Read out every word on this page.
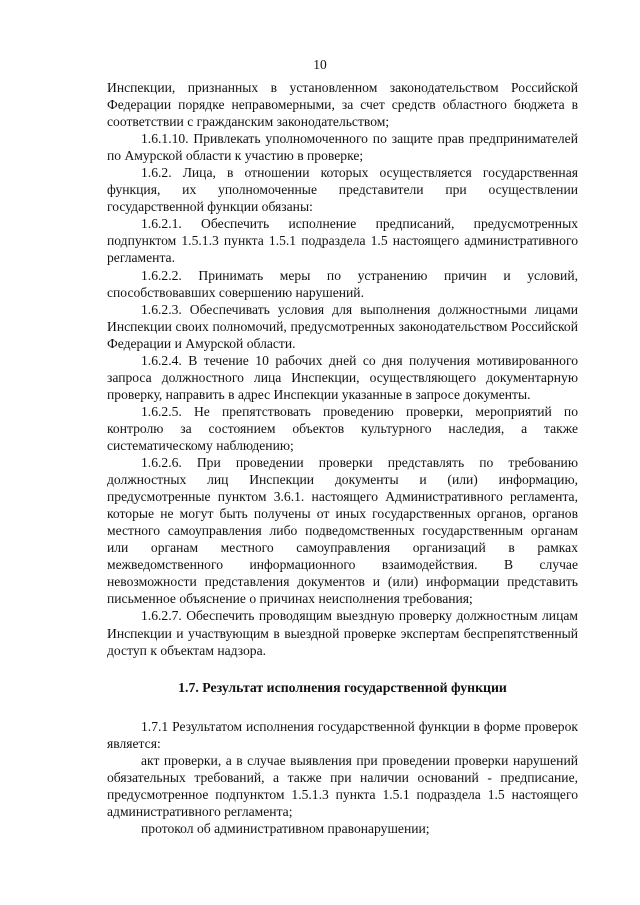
10

Инспекции, признанных в установленном законодательством Российской Федерации порядке неправомерными, за счет средств областного бюджета в соответствии с гражданским законодательством;

1.6.1.10. Привлекать уполномоченного по защите прав предпринимателей по Амурской области к участию в проверке;

1.6.2. Лица, в отношении которых осуществляется государственная функция, их уполномоченные представители при осуществлении государственной функции обязаны:

1.6.2.1. Обеспечить исполнение предписаний, предусмотренных подпунктом 1.5.1.3 пункта 1.5.1 подраздела 1.5 настоящего административного регламента.

1.6.2.2. Принимать меры по устранению причин и условий, способствовавших совершению нарушений.

1.6.2.3. Обеспечивать условия для выполнения должностными лицами Инспекции своих полномочий, предусмотренных законодательством Российской Федерации и Амурской области.

1.6.2.4. В течение 10 рабочих дней со дня получения мотивированного запроса должностного лица Инспекции, осуществляющего документарную проверку, направить в адрес Инспекции указанные в запросе документы.

1.6.2.5. Не препятствовать проведению проверки, мероприятий по контролю за состоянием объектов культурного наследия, а также систематическому наблюдению;

1.6.2.6. При проведении проверки представлять по требованию должностных лиц Инспекции документы и (или) информацию, предусмотренные пунктом 3.6.1. настоящего Административного регламента, которые не могут быть получены от иных государственных органов, органов местного самоуправления либо подведомственных государственным органам или органам местного самоуправления организаций в рамках межведомственного информационного взаимодействия. В случае невозможности представления документов и (или) информации представить письменное объяснение о причинах неисполнения требования;

1.6.2.7. Обеспечить проводящим выездную проверку должностным лицам Инспекции и участвующим в выездной проверке экспертам беспрепятственный доступ к объектам надзора.

1.7. Результат исполнения государственной функции

1.7.1 Результатом исполнения государственной функции в форме проверок является:

акт проверки, а в случае выявления при проведении проверки нарушений обязательных требований, а также при наличии оснований - предписание, предусмотренное подпунктом 1.5.1.3 пункта 1.5.1 подраздела 1.5 настоящего административного регламента;

протокол об административном правонарушении;
